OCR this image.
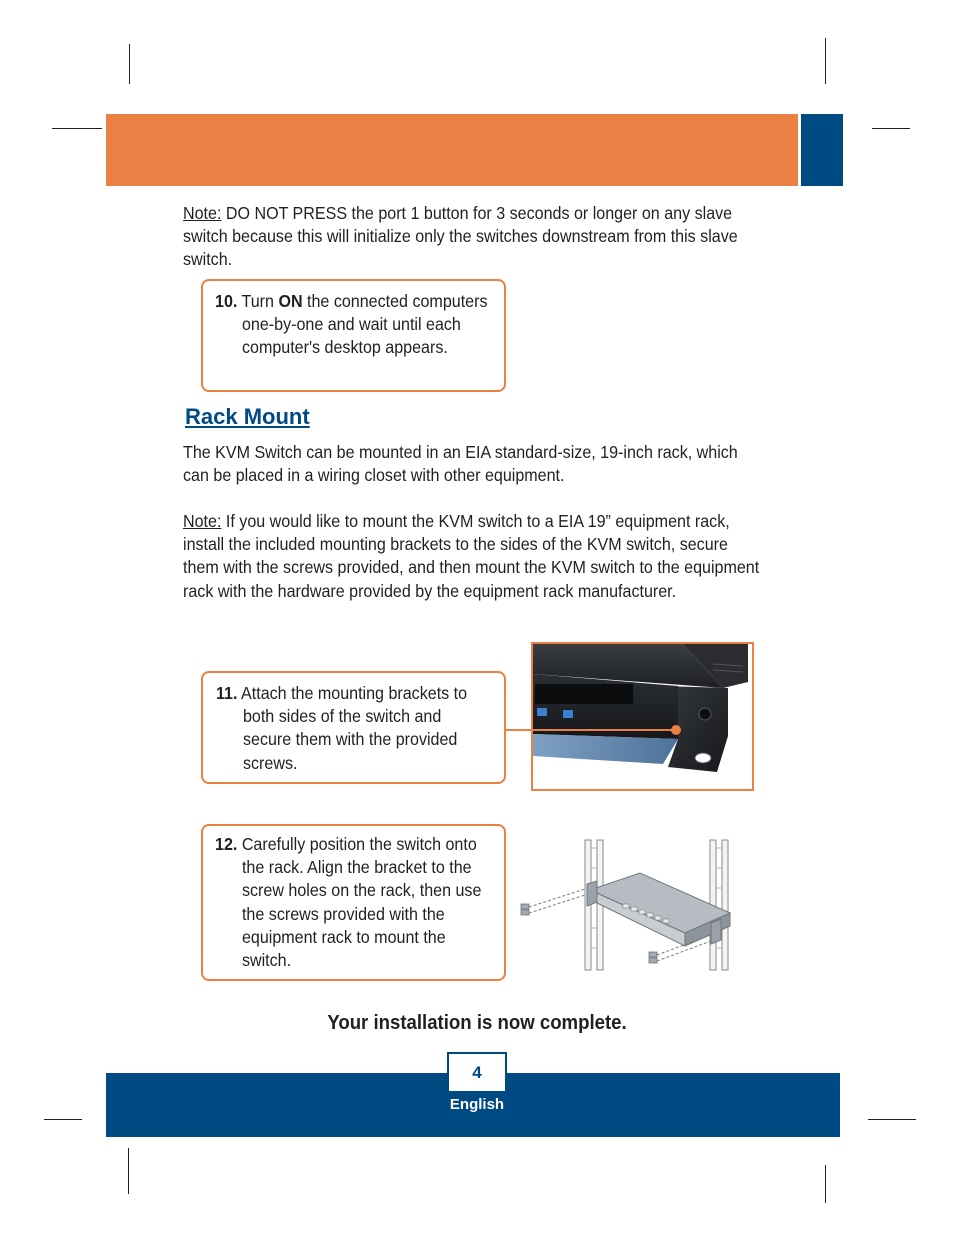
Note: DO NOT PRESS the port 1 button for 3 seconds or longer on any slave switch because this will initialize only the switches downstream from this slave switch.
10. Turn ON the connected computers one-by-one and wait until each computer's desktop appears.
Rack Mount
The KVM Switch can be mounted in an EIA standard-size, 19-inch rack, which can be placed in a wiring closet with other equipment.
Note: If you would like to mount the KVM switch to a EIA 19” equipment rack, install the included mounting brackets to the sides of the KVM switch, secure them with the screws provided, and then mount the KVM switch to the equipment rack with the hardware provided by the equipment rack manufacturer.
11. Attach the mounting brackets to both sides of the switch and secure them with the provided screws.
12. Carefully position the switch onto the rack. Align the bracket to the screw holes on the rack, then use the screws provided with the equipment rack to mount the switch.
Your installation is now complete.
4
English
